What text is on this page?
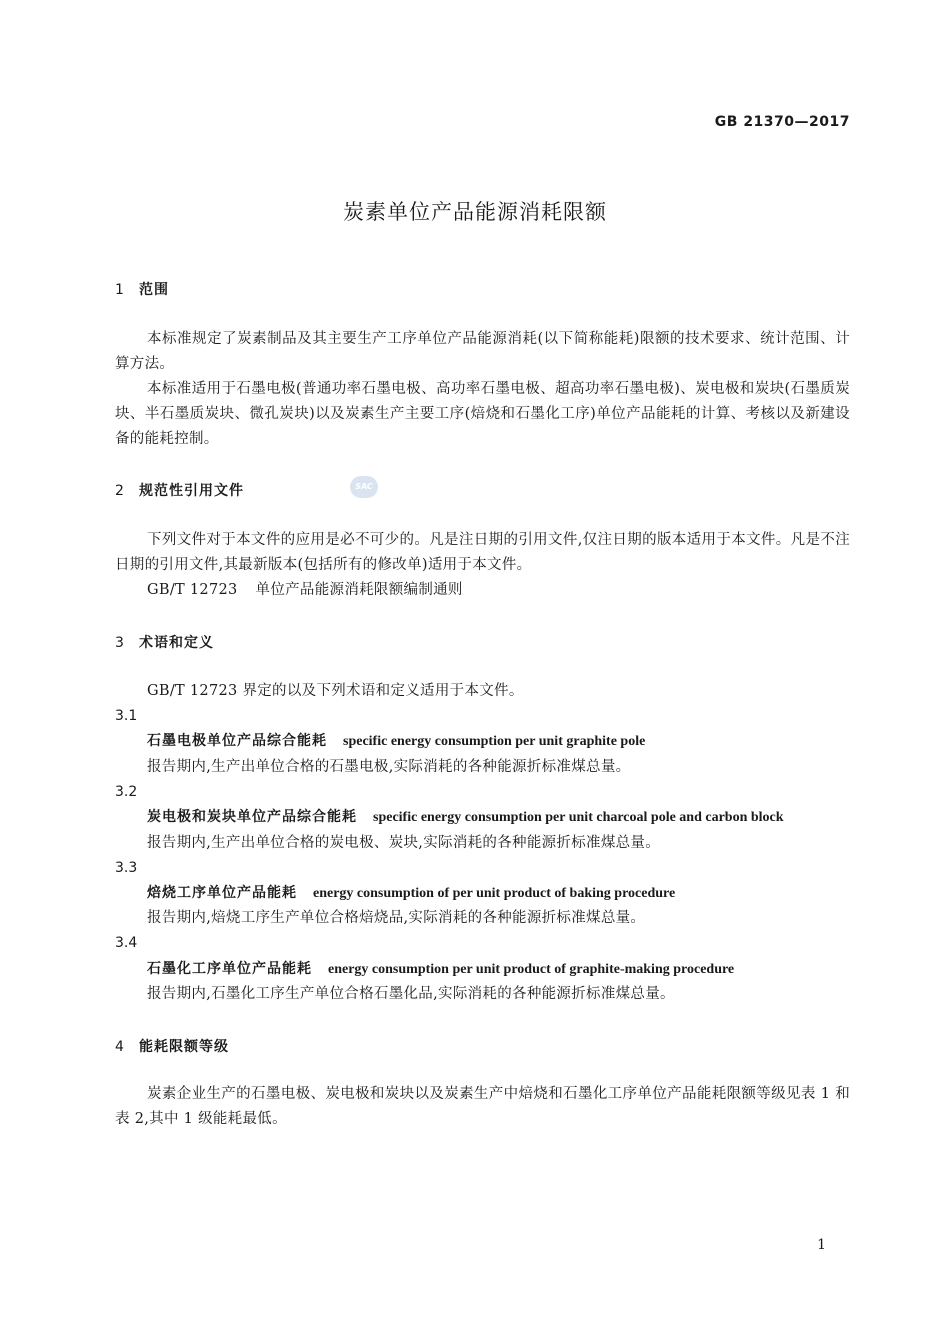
GB 21370—2017
炭素单位产品能源消耗限额
SAC
1 范围
本标准规定了炭素制品及其主要生产工序单位产品能源消耗(以下简称能耗)限额的技术要求、统计范围、计算方法。
本标准适用于石墨电极(普通功率石墨电极、高功率石墨电极、超高功率石墨电极)、炭电极和炭块(石墨质炭块、半石墨质炭块、微孔炭块)以及炭素生产主要工序(焙烧和石墨化工序)单位产品能耗的计算、考核以及新建设备的能耗控制。
2 规范性引用文件
下列文件对于本文件的应用是必不可少的。凡是注日期的引用文件,仅注日期的版本适用于本文件。凡是不注日期的引用文件,其最新版本(包括所有的修改单)适用于本文件。
GB/T 12723 单位产品能源消耗限额编制通则
3 术语和定义
GB/T 12723 界定的以及下列术语和定义适用于本文件。
3.1
石墨电极单位产品综合能耗 specific energy consumption per unit graphite pole
报告期内,生产出单位合格的石墨电极,实际消耗的各种能源折标准煤总量。
3.2
炭电极和炭块单位产品综合能耗 specific energy consumption per unit charcoal pole and carbon block
报告期内,生产出单位合格的炭电极、炭块,实际消耗的各种能源折标准煤总量。
3.3
焙烧工序单位产品能耗 energy consumption of per unit product of baking procedure
报告期内,焙烧工序生产单位合格焙烧品,实际消耗的各种能源折标准煤总量。
3.4
石墨化工序单位产品能耗 energy consumption per unit product of graphite-making procedure
报告期内,石墨化工序生产单位合格石墨化品,实际消耗的各种能源折标准煤总量。
4 能耗限额等级
炭素企业生产的石墨电极、炭电极和炭块以及炭素生产中焙烧和石墨化工序单位产品能耗限额等级见表 1 和表 2,其中 1 级能耗最低。
1
